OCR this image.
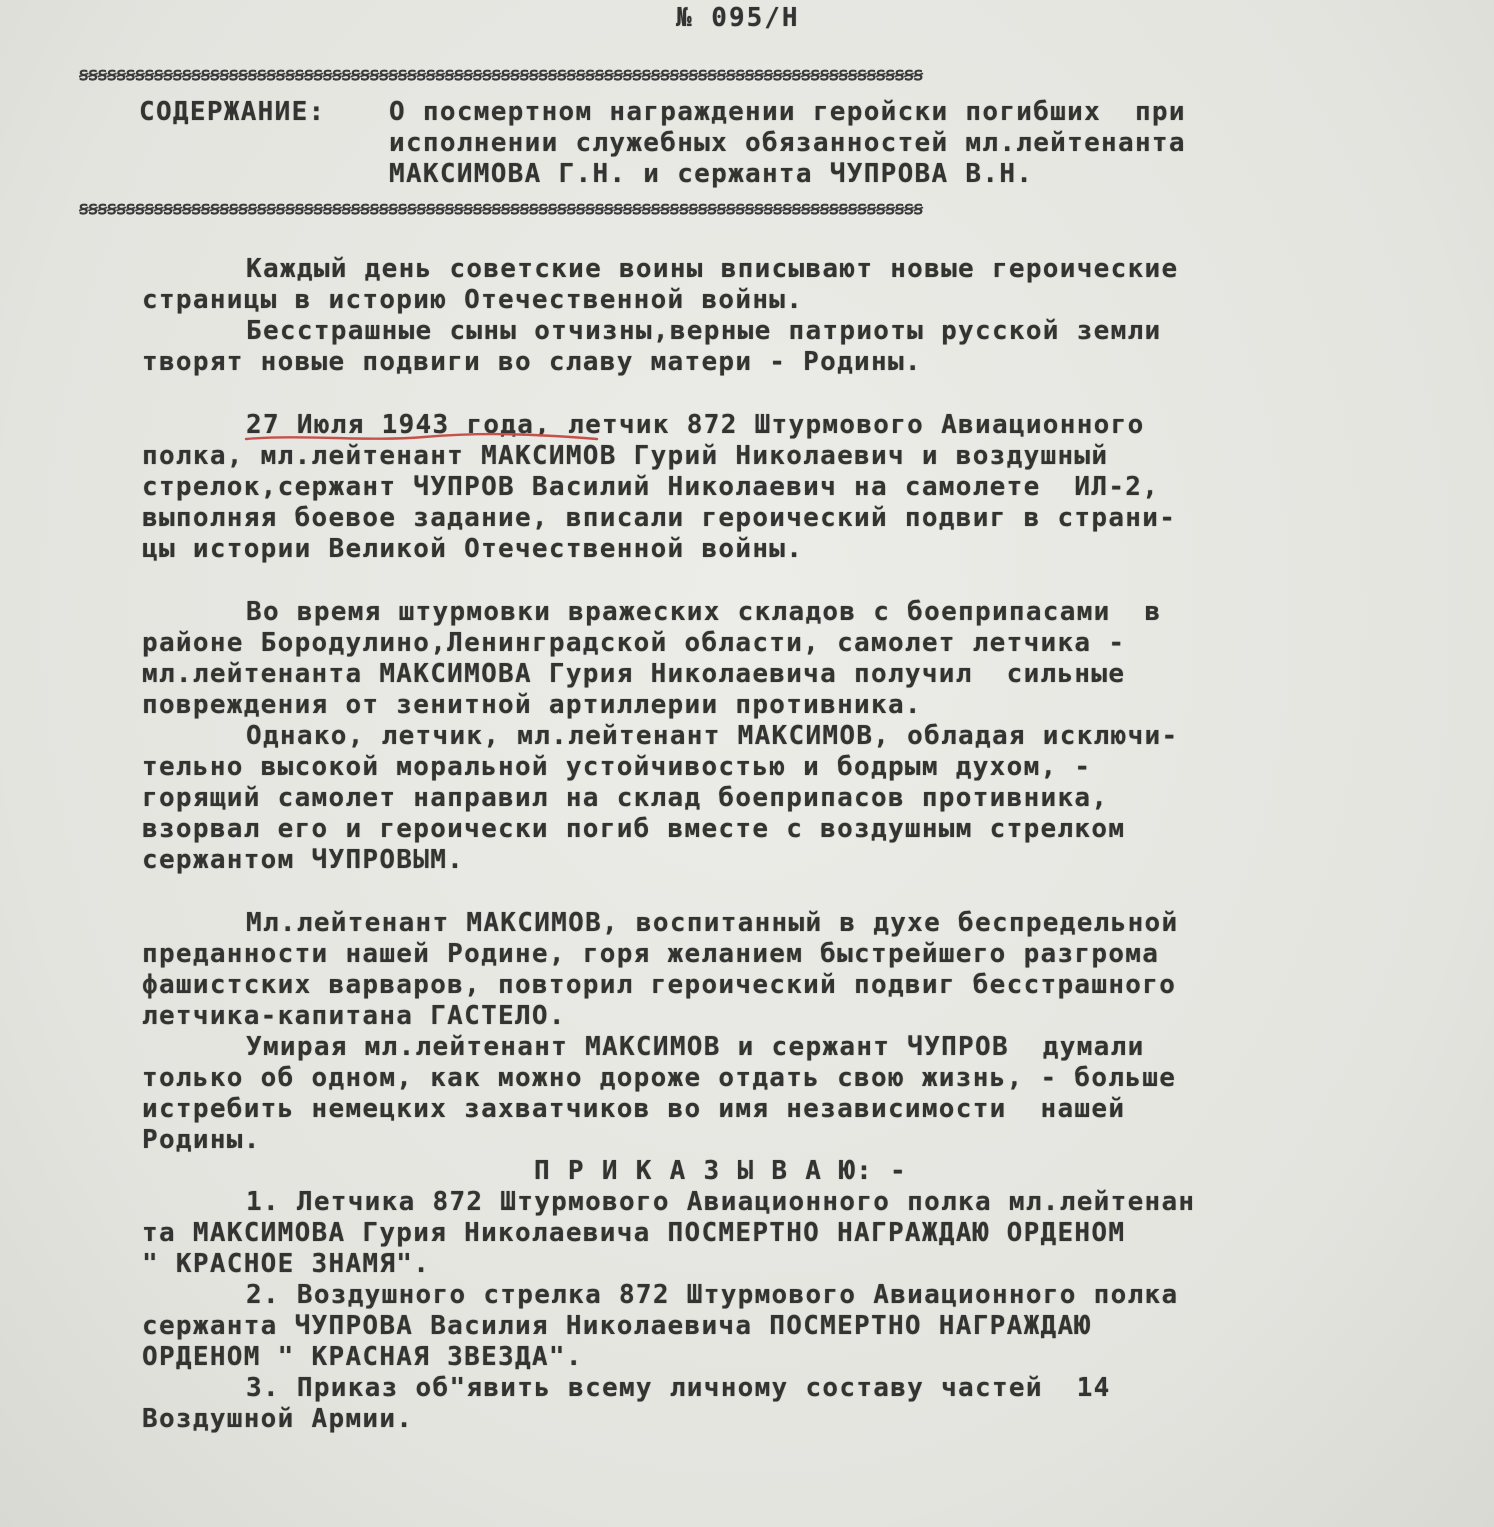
№ 095/Н
ꞩꞩꞩꞩꞩꞩꞩꞩꞩꞩꞩꞩꞩꞩꞩꞩꞩꞩꞩꞩꞩꞩꞩꞩꞩꞩꞩꞩꞩꞩꞩꞩꞩꞩꞩꞩꞩꞩꞩꞩꞩꞩꞩꞩꞩꞩꞩꞩꞩꞩꞩꞩꞩꞩꞩꞩꞩꞩꞩꞩꞩꞩꞩꞩꞩꞩꞩꞩꞩꞩꞩꞩꞩꞩꞩꞩꞩꞩꞩꞩꞩꞩꞩꞩꞩꞩꞩꞩꞩꞩ
СОДЕРЖАНИЕ: О посмертном награждении геройски погибших  при
исполнении служебных обязанностей мл.лейтенанта
МАКСИМОВА Г.Н. и сержанта ЧУПРОВА В.Н.
ꞩꞩꞩꞩꞩꞩꞩꞩꞩꞩꞩꞩꞩꞩꞩꞩꞩꞩꞩꞩꞩꞩꞩꞩꞩꞩꞩꞩꞩꞩꞩꞩꞩꞩꞩꞩꞩꞩꞩꞩꞩꞩꞩꞩꞩꞩꞩꞩꞩꞩꞩꞩꞩꞩꞩꞩꞩꞩꞩꞩꞩꞩꞩꞩꞩꞩꞩꞩꞩꞩꞩꞩꞩꞩꞩꞩꞩꞩꞩꞩꞩꞩꞩꞩꞩꞩꞩꞩꞩꞩ
Каждый день советские воины вписывают новые героические
страницы в историю Отечественной войны.
Бесстрашные сыны отчизны,верные патриоты русской земли
творят новые подвиги во славу матери - Родины.
27 Июля 1943 года, летчик 872 Штурмового Авиационного
полка, мл.лейтенант МАКСИМОВ Гурий Николаевич и воздушный
стрелок,сержант ЧУПРОВ Василий Николаевич на самолете  ИЛ-2,
выполняя боевое задание, вписали героический подвиг в страни-
цы истории Великой Отечественной войны.
Во время штурмовки вражеских складов с боеприпасами  в
районе Бородулино,Ленинградской области, самолет летчика -
мл.лейтенанта МАКСИМОВА Гурия Николаевича получил  сильные
повреждения от зенитной артиллерии противника.
Однако, летчик, мл.лейтенант МАКСИМОВ, обладая исключи-
тельно высокой моральной устойчивостью и бодрым духом, -
горящий самолет направил на склад боеприпасов противника,
взорвал его и героически погиб вместе с воздушным стрелком
сержантом ЧУПРОВЫМ.
Мл.лейтенант МАКСИМОВ, воспитанный в духе беспредельной
преданности нашей Родине, горя желанием быстрейшего разгрома
фашистских варваров, повторил героический подвиг бесстрашного
летчика-капитана ГАСТЕЛО.
Умирая мл.лейтенант МАКСИМОВ и сержант ЧУПРОВ  думали
только об одном, как можно дороже отдать свою жизнь, - больше
истребить немецких захватчиков во имя независимости  нашей
Родины.
П Р И К А З Ы В А Ю: -
1. Летчика 872 Штурмового Авиационного полка мл.лейтенан
та МАКСИМОВА Гурия Николаевича ПОСМЕРТНО НАГРАЖДАЮ ОРДЕНОМ
" КРАСНОЕ ЗНАМЯ".
2. Воздушного стрелка 872 Штурмового Авиационного полка
сержанта ЧУПРОВА Василия Николаевича ПОСМЕРТНО НАГРАЖДАЮ
ОРДЕНОМ " КРАСНАЯ ЗВЕЗДА".
3. Приказ об"явить всему личному составу частей  14
Воздушной Армии.
